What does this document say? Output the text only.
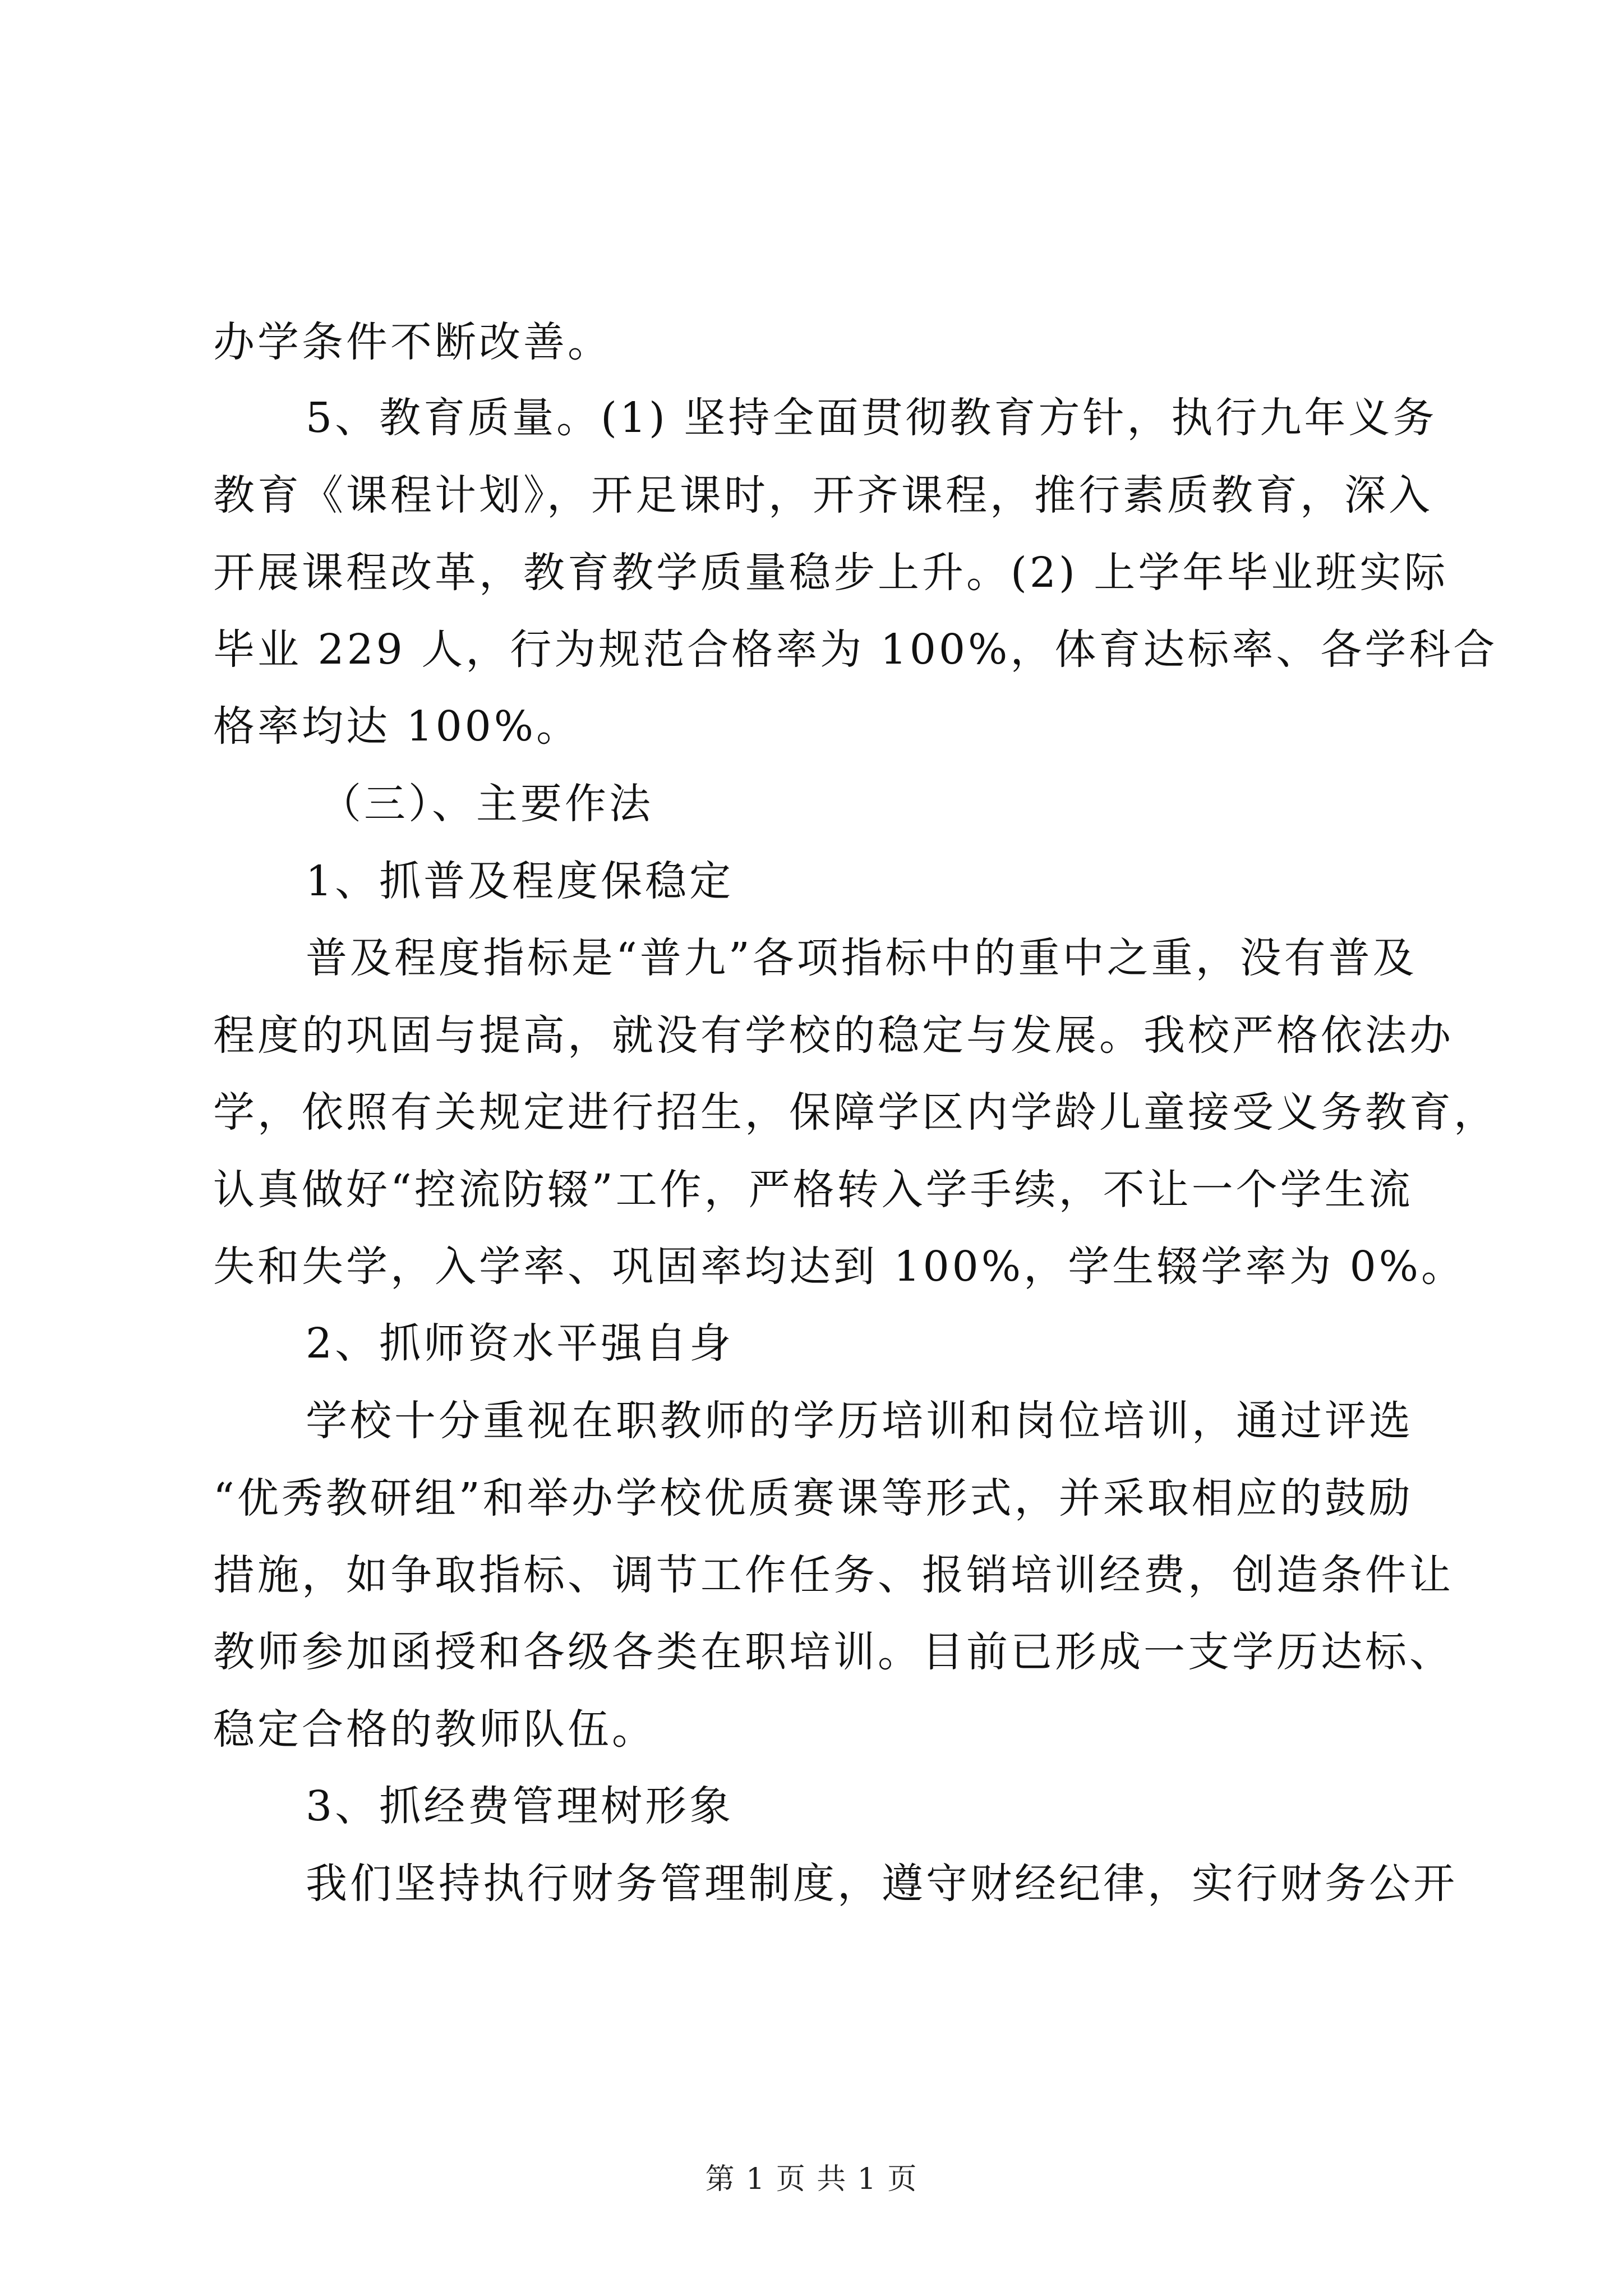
办学条件不断改善。
5、教育质量。(1) 坚持全面贯彻教育方针，执行九年义务
教育《课程计划》，开足课时，开齐课程，推行素质教育，深入
开展课程改革，教育教学质量稳步上升。(2) 上学年毕业班实际
毕业 229 人，行为规范合格率为 100%，体育达标率、各学科合
格率均达 100%。
（三）、主要作法
1、抓普及程度保稳定
普及程度指标是“普九”各项指标中的重中之重，没有普及
程度的巩固与提高，就没有学校的稳定与发展。我校严格依法办
学，依照有关规定进行招生，保障学区内学龄儿童接受义务教育，
认真做好“控流防辍”工作，严格转入学手续，不让一个学生流
失和失学，入学率、巩固率均达到 100%，学生辍学率为 0%。
2、抓师资水平强自身
学校十分重视在职教师的学历培训和岗位培训，通过评选
“优秀教研组”和举办学校优质赛课等形式，并采取相应的鼓励
措施，如争取指标、调节工作任务、报销培训经费，创造条件让
教师参加函授和各级各类在职培训。目前已形成一支学历达标、
稳定合格的教师队伍。
3、抓经费管理树形象
我们坚持执行财务管理制度，遵守财经纪律，实行财务公开
第 1 页 共 1 页
